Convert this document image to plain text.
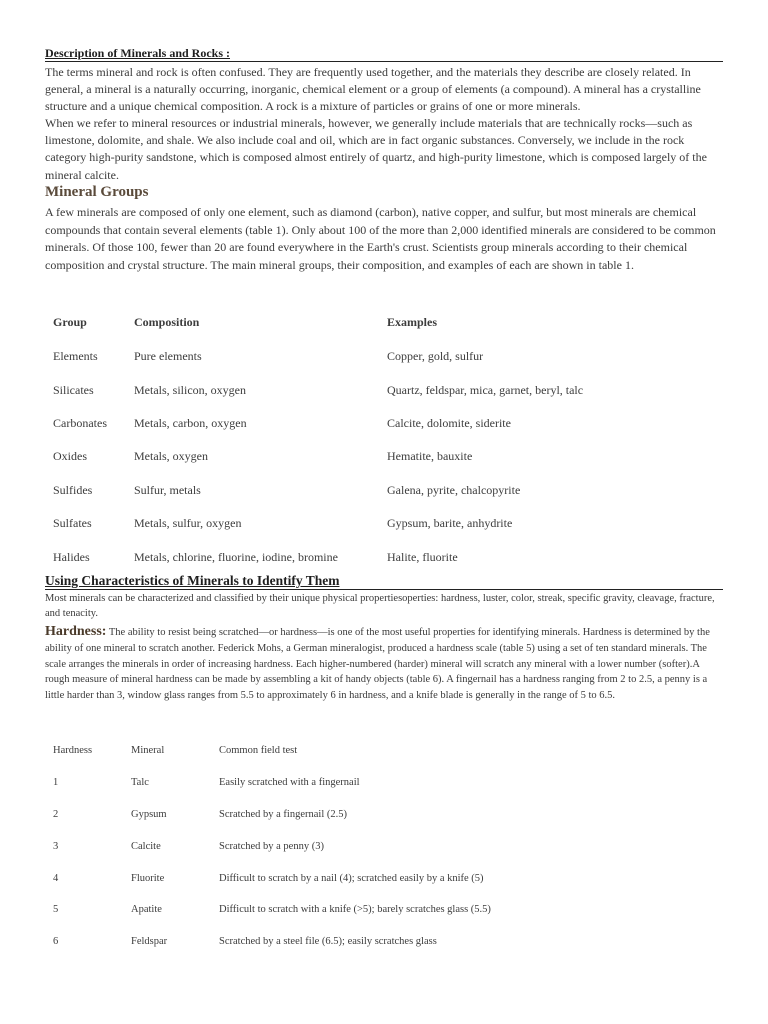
Description of Minerals and Rocks :

The terms mineral and rock is often confused. They are frequently used together, and the materials they describe are closely related. In general, a mineral is a naturally occurring, inorganic, chemical element or a group of elements (a compound). A mineral has a crystalline structure and a unique chemical composition. A rock is a mixture of particles or grains of one or more minerals.

When we refer to mineral resources or industrial minerals, however, we generally include materials that are technically rocks—such as limestone, dolomite, and shale. We also include coal and oil, which are in fact organic substances. Conversely, we include in the rock category high-purity sandstone, which is composed almost entirely of quartz, and high-purity limestone, which is composed largely of the mineral calcite.

Mineral Groups

A few minerals are composed of only one element, such as diamond (carbon), native copper, and sulfur, but most minerals are chemical compounds that contain several elements (table 1). Only about 100 of the more than 2,000 identified minerals are considered to be common minerals. Of those 100, fewer than 20 are found everywhere in the Earth's crust. Scientists group minerals according to their chemical composition and crystal structure. The main mineral groups, their composition, and examples of each are shown in table 1.

Group	Composition	Examples
Elements	Pure elements	Copper, gold, sulfur
Silicates	Metals, silicon, oxygen	Quartz, feldspar, mica, garnet, beryl, talc
Carbonates	Metals, carbon, oxygen	Calcite, dolomite, siderite
Oxides	Metals, oxygen	Hematite, bauxite
Sulfides	Sulfur, metals	Galena, pyrite, chalcopyrite
Sulfates	Metals, sulfur, oxygen	Gypsum, barite, anhydrite
Halides	Metals, chlorine, fluorine, iodine, bromine	Halite, fluorite
Using Characteristics of Minerals to Identify Them

Most minerals can be characterized and classified by their unique physical propertiesoperties: hardness, luster, color, streak, specific gravity, cleavage, fracture, and tenacity.

Hardness: The ability to resist being scratched—or hardness—is one of the most useful properties for identifying minerals. Hardness is determined by the ability of one mineral to scratch another. Federick Mohs, a German mineralogist, produced a hardness scale (table 5) using a set of ten standard minerals. The scale arranges the minerals in order of increasing hardness. Each higher-numbered (harder) mineral will scratch any mineral with a lower number (softer).A rough measure of mineral hardness can be made by assembling a kit of handy objects (table 6). A fingernail has a hardness ranging from 2 to 2.5, a penny is a little harder than 3, window glass ranges from 5.5 to approximately 6 in hardness, and a knife blade is generally in the range of 5 to 6.5.

Hardness	Mineral	Common field test
1	Talc	Easily scratched with a fingernail
2	Gypsum	Scratched by a fingernail (2.5)
3	Calcite	Scratched by a penny (3)
4	Fluorite	Difficult to scratch by a nail (4); scratched easily by a knife (5)
5	Apatite	Difficult to scratch with a knife (>5); barely scratches glass (5.5)
6	Feldspar	Scratched by a steel file (6.5); easily scratches glass
